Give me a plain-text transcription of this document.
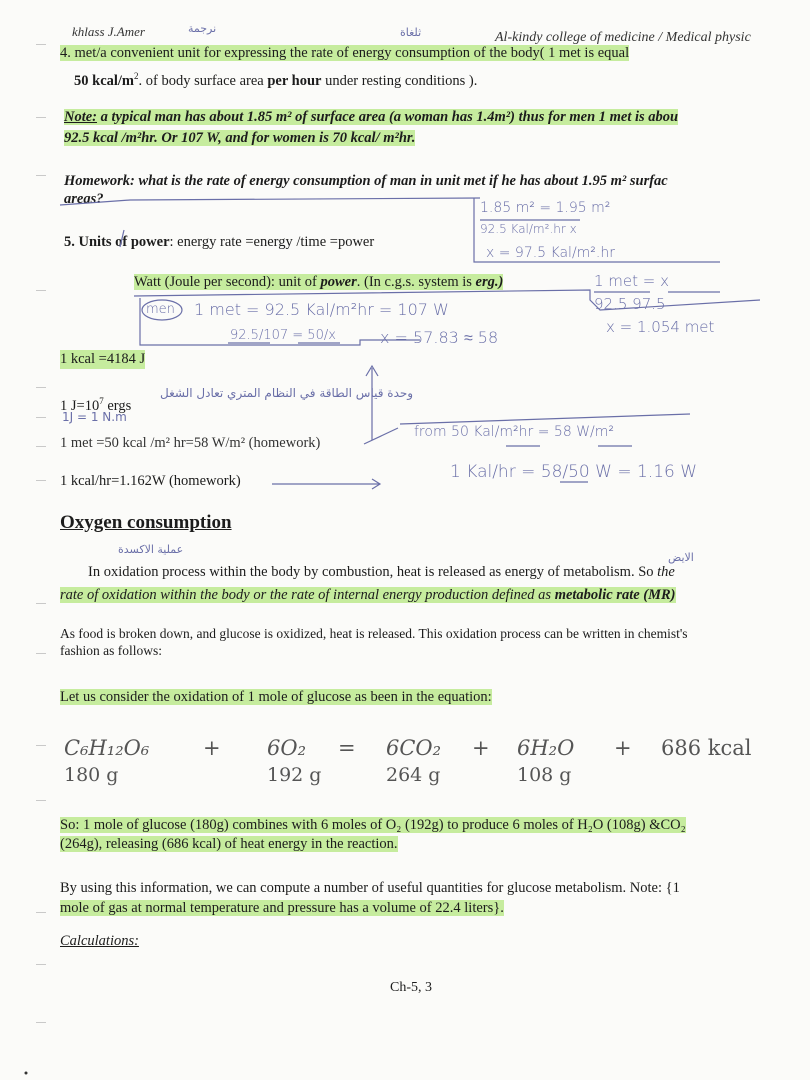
khlass J.Amer	نرجمة	ثلغاة	Al-kindy college of medicine / Medical physic
4. met/a convenient unit for expressing the rate of energy consumption of the body( 1 met is equal
50 kcal/$m^2$. of body surface area per hour under resting conditions ).
Note: a typical man has about 1.85 m² of surface area (a woman has 1.4m²) thus for men 1 met is abou
92.5 kcal /m²hr. Or 107 W, and for women is 70 kcal/ m²hr.
Homework: what is the rate of energy consumption of man in unit met if he has about 1.95 m² surfac
areas?
1.85 m² = 1.95 m²
92.5 Kal/m².hr x
x = 97.5 Kal/m².hr
1 met = x
92.5 97.5
x = 1.054 met
5. Units of power: energy rate =energy /time =power
Watt (Joule per second): unit of power. (In c.g.s. system is erg.)
men 1 met = 92.5 Kal/m²hr = 107 W
92.5/107 = 50/x	x = 57.83 ≈ 58
1 kcal =4184 J
1 $J=10^7$ ergs
وحدة قياس الطاقة في النظام المتري تعادل الشغل
1J = 1 N.m
1 met =50 kcal /m² hr=58 W/m² (homework)
1 kcal/hr=1.162W (homework)
from 50 Kal/m²hr = 58 W/m²
1 Kal/hr = 58/50 W = 1.16 W
Oxygen consumption
عملية الاكسدة
الايض
In oxidation process within the body by combustion, heat is released as energy of metabolism. So the
rate of oxidation within the body or the rate of internal energy production defined as metabolic rate (MR)
As food is broken down, and glucose is oxidized, heat is released. This oxidation process can be written in chemist's
fashion as follows:
Let us consider the oxidation of 1 mole of glucose as been in the equation:
C₆H₁₂O₆	+ 6O₂ = 6CO₂ + 6H₂O + 686 kcal
180 g	192 g	264 g	108 g
So: 1 mole of glucose (180g) combines with 6 moles of O₂ (192g) to produce 6 moles of H₂O (108g) &CO₂
(264g), releasing (686 kcal) of heat energy in the reaction.
By using this information, we can compute a number of useful quantities for glucose metabolism. Note: {1
mole of gas at normal temperature and pressure has a volume of 22.4 liters}.
Calculations:
Ch-5, 3
